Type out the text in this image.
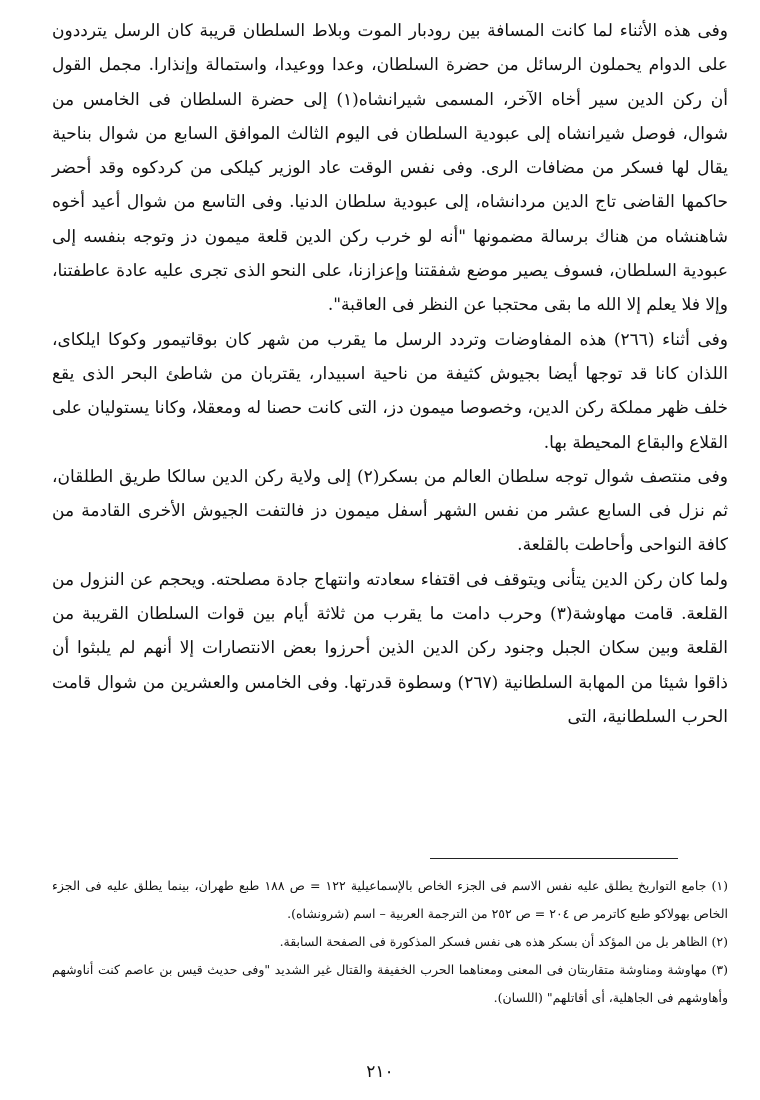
وفى هذه الأثناء لما كانت المسافة بين رودبار الموت وبلاط السلطان قريبة كان الرسل يترددون على الدوام يحملون الرسائل من حضرة السلطان، وعدا ووعيدا، واستمالة وإنذارا. مجمل القول أن ركن الدين سير أخاه الآخر، المسمى شيرانشاه(١) إلى حضرة السلطان فى الخامس من شوال، فوصل شيرانشاه إلى عبودية السلطان فى اليوم الثالث الموافق السابع من شوال بناحية يقال لها فسكر من مضافات الرى. وفى نفس الوقت عاد الوزير كيلكى من كردكوه وقد أحضر حاكمها القاضى تاج الدين مردانشاه، إلى عبودية سلطان الدنيا. وفى التاسع من شوال أعيد أخوه شاهنشاه من هناك برسالة مضمونها "أنه لو خرب ركن الدين قلعة ميمون دز وتوجه بنفسه إلى عبودية السلطان، فسوف يصير موضع شفقتنا وإعزازنا، على النحو الذى تجرى عليه عادة عاطفتنا، وإلا فلا يعلم إلا الله ما بقى محتجبا عن النظر فى العاقبة".

وفى أثناء (٢٦٦) هذه المفاوضات وتردد الرسل ما يقرب من شهر كان بوقاتيمور وكوكا ايلكاى، اللذان كانا قد توجها أيضا بجيوش كثيفة من ناحية اسبيدار، يقتربان من شاطئ البحر الذى يقع خلف ظهر مملكة ركن الدين، وخصوصا ميمون دز، التى كانت حصنا له ومعقلا، وكانا يستوليان على القلاع والبقاع المحيطة بها.

وفى منتصف شوال توجه سلطان العالم من بسكر(٢) إلى ولاية ركن الدين سالكا طريق الطلقان، ثم نزل فى السابع عشر من نفس الشهر أسفل ميمون دز فالتفت الجيوش الأخرى القادمة من كافة النواحى وأحاطت بالقلعة.

ولما كان ركن الدين يتأنى ويتوقف فى اقتفاء سعادته وانتهاج جادة مصلحته. ويحجم عن النزول من القلعة. قامت مهاوشة(٣) وحرب دامت ما يقرب من ثلاثة أيام بين قوات السلطان القريبة من القلعة وبين سكان الجبل وجنود ركن الدين الذين أحرزوا بعض الانتصارات إلا أنهم لم يلبثوا أن ذاقوا شيئا من المهابة السلطانية (٢٦٧) وسطوة قدرتها. وفى الخامس والعشرين من شوال قامت الحرب السلطانية، التى

(١) جامع التواريخ يطلق عليه نفس الاسم فى الجزء الخاص بالإسماعيلية ١٢٢ = ص ١٨٨ طبع طهران، بينما يطلق عليه فى الجزء الخاص بهولاكو طبع كاترمر ص ٢٠٤ = ص ٢٥٢ من الترجمة العربية – اسم (شرونشاه).

(٢) الظاهر بل من المؤكد أن بسكر هذه هى نفس فسكر المذكورة فى الصفحة السابقة.

(٣) مهاوشة ومناوشة متقاربتان فى المعنى ومعناهما الحرب الخفيفة والقتال غير الشديد "وفى حديث قيس بن عاصم كنت أناوشهم وأهاوشهم فى الجاهلية، أى أقاتلهم" (اللسان).

٢١٠
